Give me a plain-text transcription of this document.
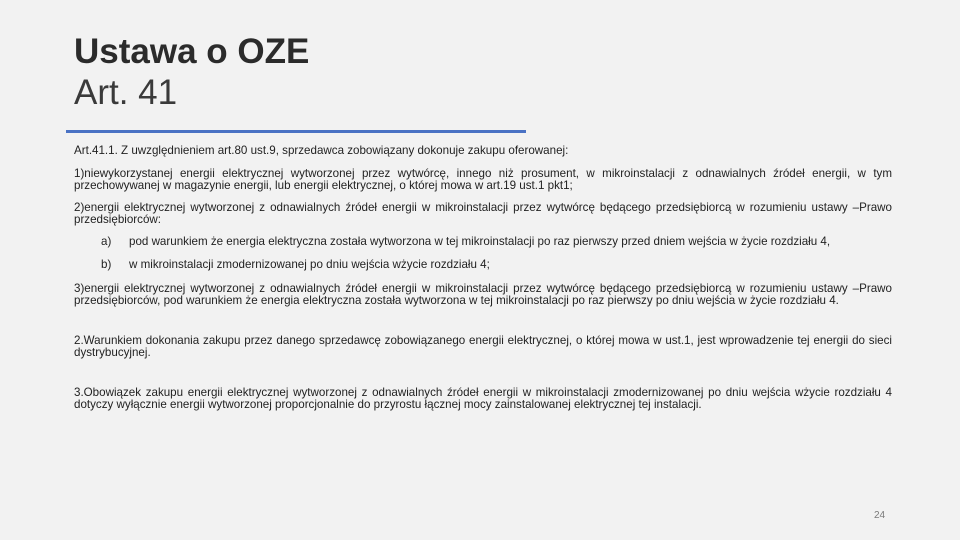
Ustawa o OZE
Art. 41

Art.41.1. Z uwzględnieniem art.80 ust.9, sprzedawca zobowiązany dokonuje zakupu oferowanej:

1)niewykorzystanej energii elektrycznej wytworzonej przez wytwórcę, innego niż prosument, w mikroinstalacji z odnawialnych źródeł energii, w tym przechowywanej w magazynie energii, lub energii elektrycznej, o której mowa w art.19 ust.1 pkt1;

2)energii elektrycznej wytworzonej z odnawialnych źródeł energii w mikroinstalacji przez wytwórcę będącego przedsiębiorcą w rozumieniu ustawy –Prawo przedsiębiorców:

a) pod warunkiem że energia elektryczna została wytworzona w tej mikroinstalacji po raz pierwszy przed dniem wejścia w życie rozdziału 4,
b) w mikroinstalacji zmodernizowanej po dniu wejścia wżycie rozdziału 4;

3)energii elektrycznej wytworzonej z odnawialnych źródeł energii w mikroinstalacji przez wytwórcę będącego przedsiębiorcą w rozumieniu ustawy –Prawo przedsiębiorców, pod warunkiem że energia elektryczna została wytworzona w tej mikroinstalacji po raz pierwszy po dniu wejścia w życie rozdziału 4.

2.Warunkiem dokonania zakupu przez danego sprzedawcę zobowiązanego energii elektrycznej, o której mowa w ust.1, jest wprowadzenie tej energii do sieci dystrybucyjnej.

3.Obowiązek zakupu energii elektrycznej wytworzonej z odnawialnych źródeł energii w mikroinstalacji zmodernizowanej po dniu wejścia wżycie rozdziału 4 dotyczy wyłącznie energii wytworzonej proporcjonalnie do przyrostu łącznej mocy zainstalowanej elektrycznej tej instalacji.

24
